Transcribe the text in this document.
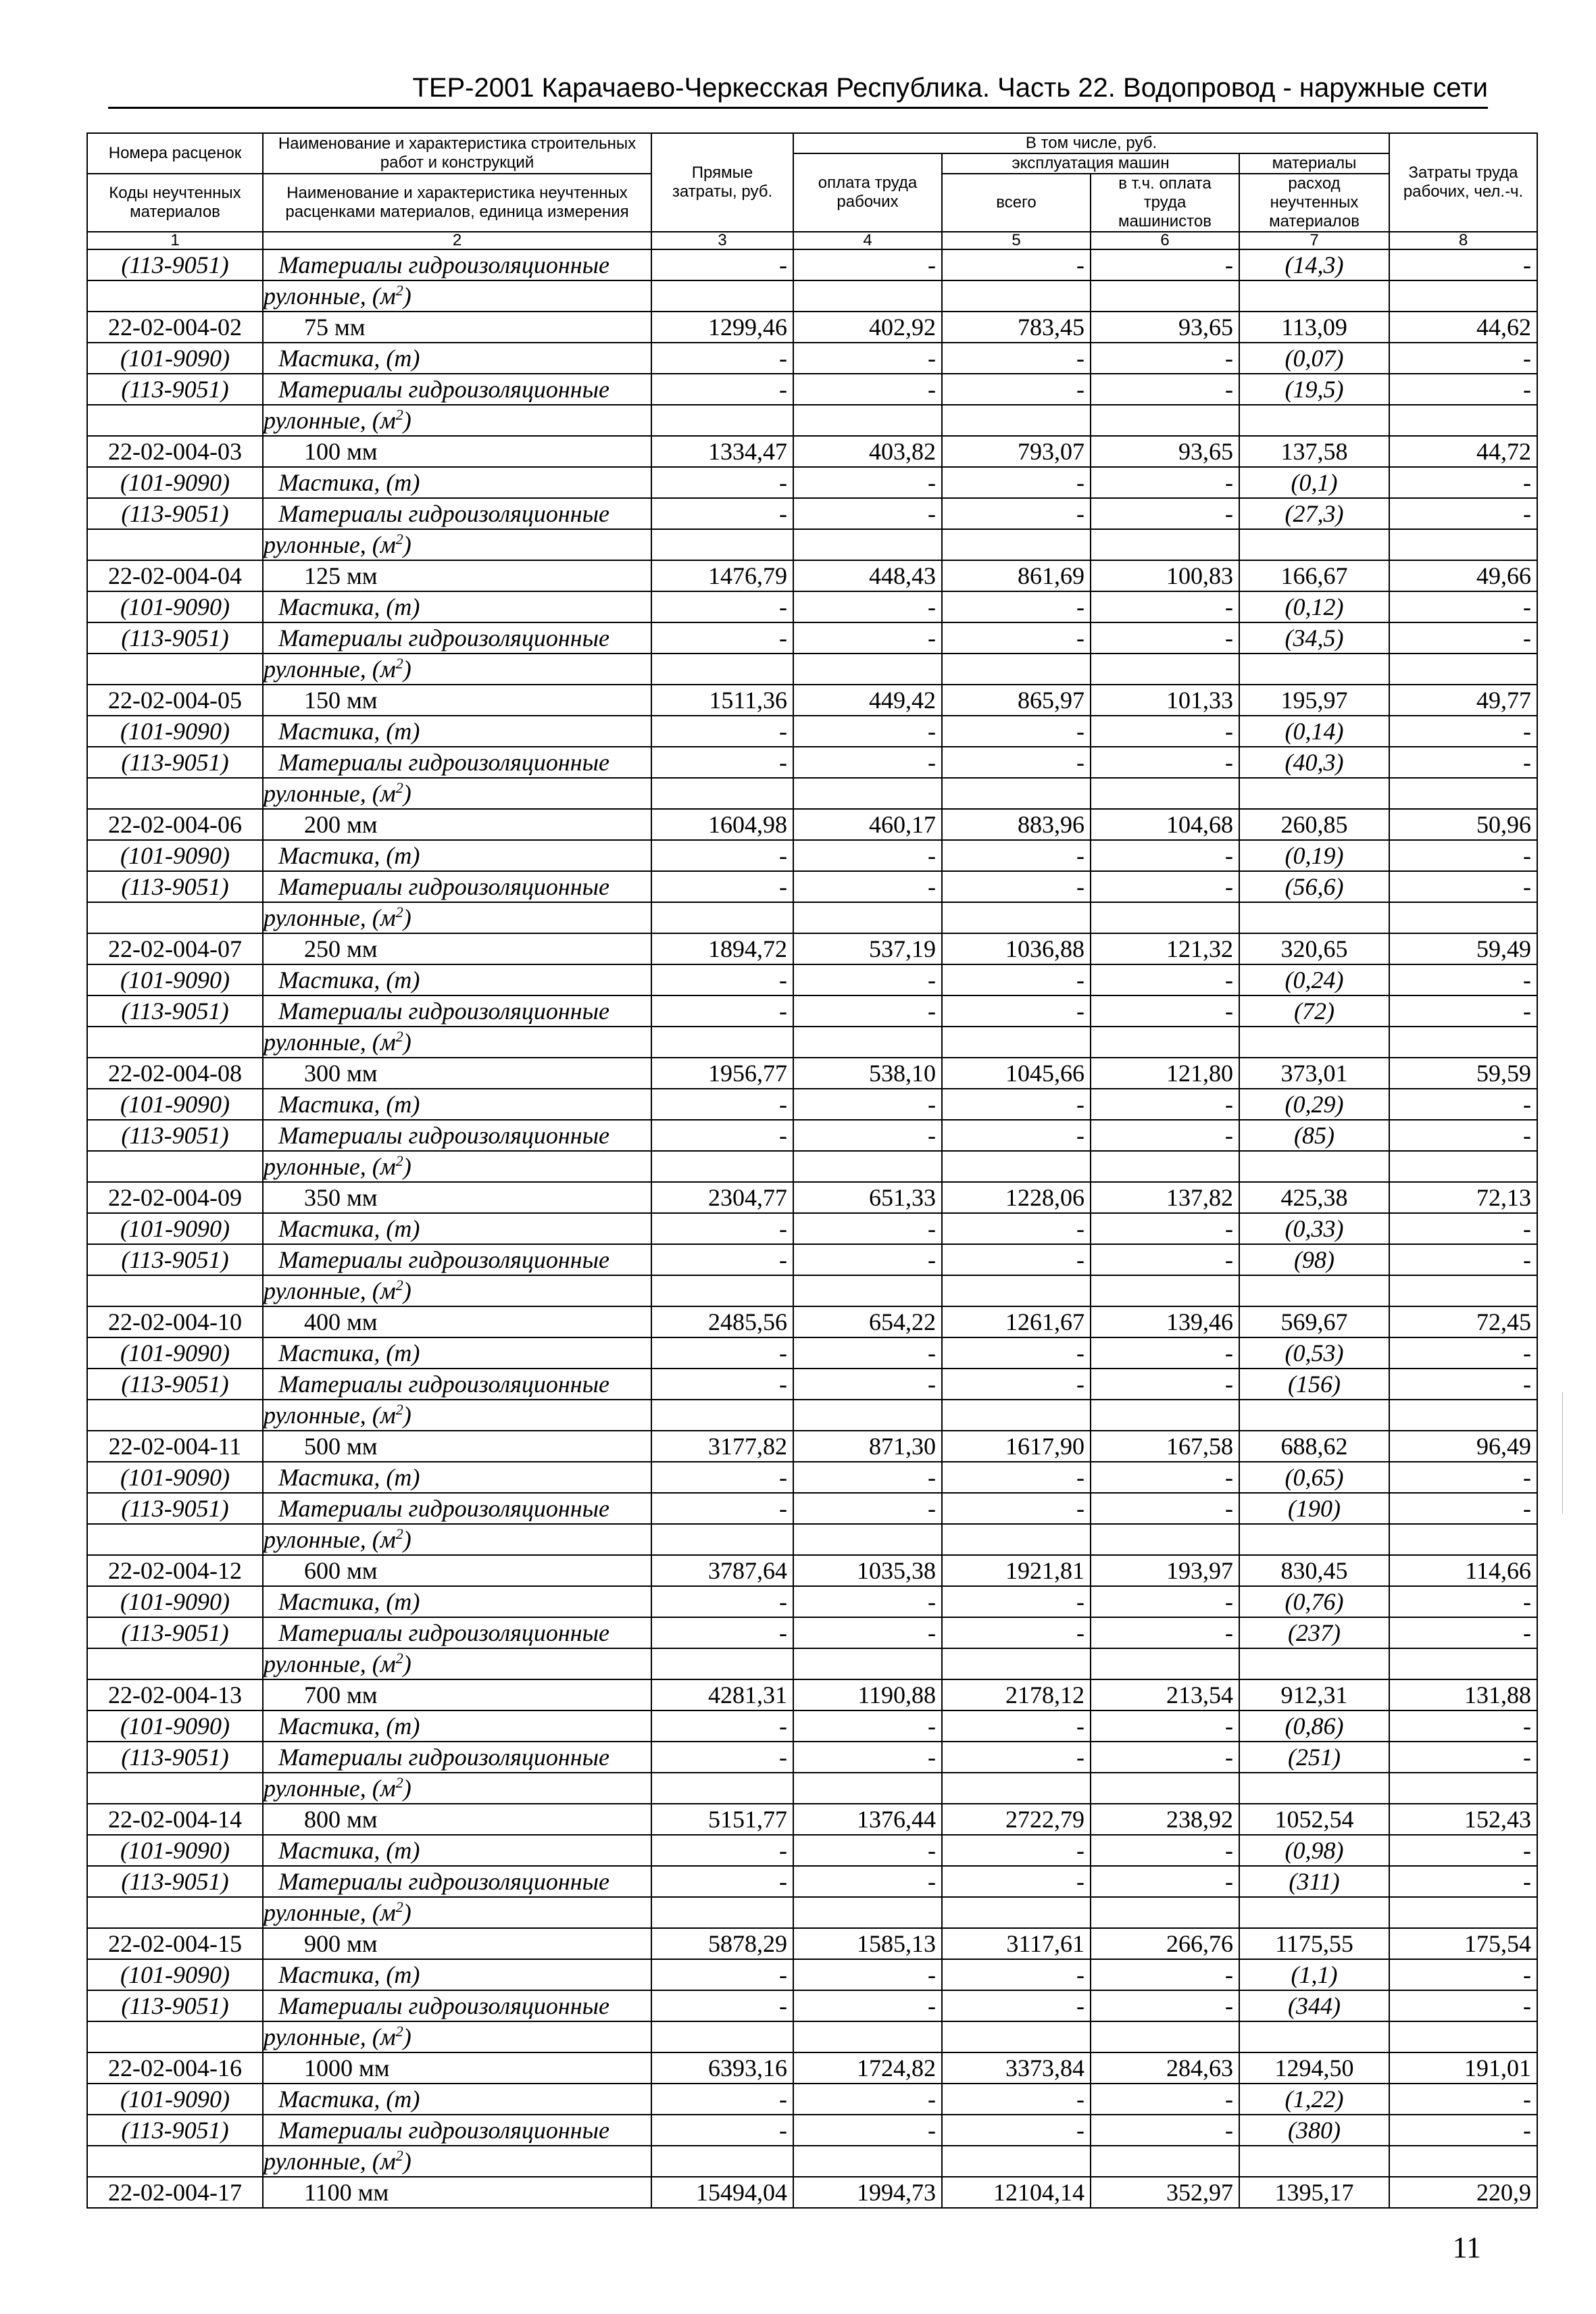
ТЕР-2001 Карачаево-Черкесская Республика. Часть 22. Водопровод - наружные сети
Номера расценок	Наименование и характеристика строительных работ и конструкций	Прямые затраты, руб.	В том числе, руб.				Затраты труда рабочих, чел.-ч.
			оплата труда рабочих	эксплуатация машин		материалы	
Коды неучтенных материалов	Наименование и характеристика неучтенных расценками материалов, единица измерения			всего	в т.ч. оплата труда машинистов	расход неучтенных материалов	

1	2	3	4	5	6	7	8
(113-9051)	Материалы гидроизоляционные	-	-	-	-	(14,3)	-
	рулонные, $(м^2)$						
22-02-004-02	75 мм	1299,46	402,92	783,45	93,65	113,09	44,62
(101-9090)	Мастика, (т)	-	-	-	-	(0,07)	-
(113-9051)	Материалы гидроизоляционные	-	-	-	-	(19,5)	-
	рулонные, $(м^2)$						
22-02-004-03	100 мм	1334,47	403,82	793,07	93,65	137,58	44,72
(101-9090)	Мастика, (т)	-	-	-	-	(0,1)	-
(113-9051)	Материалы гидроизоляционные	-	-	-	-	(27,3)	-
	рулонные, $(м^2)$						
22-02-004-04	125 мм	1476,79	448,43	861,69	100,83	166,67	49,66
(101-9090)	Мастика, (т)	-	-	-	-	(0,12)	-
(113-9051)	Материалы гидроизоляционные	-	-	-	-	(34,5)	-
	рулонные, $(м^2)$						
22-02-004-05	150 мм	1511,36	449,42	865,97	101,33	195,97	49,77
(101-9090)	Мастика, (т)	-	-	-	-	(0,14)	-
(113-9051)	Материалы гидроизоляционные	-	-	-	-	(40,3)	-
	рулонные, $(м^2)$						
22-02-004-06	200 мм	1604,98	460,17	883,96	104,68	260,85	50,96
(101-9090)	Мастика, (т)	-	-	-	-	(0,19)	-
(113-9051)	Материалы гидроизоляционные	-	-	-	-	(56,6)	-
	рулонные, $(м^2)$						
22-02-004-07	250 мм	1894,72	537,19	1036,88	121,32	320,65	59,49
(101-9090)	Мастика, (т)	-	-	-	-	(0,24)	-
(113-9051)	Материалы гидроизоляционные	-	-	-	-	(72)	-
	рулонные, $(м^2)$						
22-02-004-08	300 мм	1956,77	538,10	1045,66	121,80	373,01	59,59
(101-9090)	Мастика, (т)	-	-	-	-	(0,29)	-
(113-9051)	Материалы гидроизоляционные	-	-	-	-	(85)	-
	рулонные, $(м^2)$						
22-02-004-09	350 мм	2304,77	651,33	1228,06	137,82	425,38	72,13
(101-9090)	Мастика, (т)	-	-	-	-	(0,33)	-
(113-9051)	Материалы гидроизоляционные	-	-	-	-	(98)	-
	рулонные, $(м^2)$						
22-02-004-10	400 мм	2485,56	654,22	1261,67	139,46	569,67	72,45
(101-9090)	Мастика, (т)	-	-	-	-	(0,53)	-
(113-9051)	Материалы гидроизоляционные	-	-	-	-	(156)	-
	рулонные, $(м^2)$						
22-02-004-11	500 мм	3177,82	871,30	1617,90	167,58	688,62	96,49
(101-9090)	Мастика, (т)	-	-	-	-	(0,65)	-
(113-9051)	Материалы гидроизоляционные	-	-	-	-	(190)	-
	рулонные, $(м^2)$						
22-02-004-12	600 мм	3787,64	1035,38	1921,81	193,97	830,45	114,66
(101-9090)	Мастика, (т)	-	-	-	-	(0,76)	-
(113-9051)	Материалы гидроизоляционные	-	-	-	-	(237)	-
	рулонные, $(м^2)$						
22-02-004-13	700 мм	4281,31	1190,88	2178,12	213,54	912,31	131,88
(101-9090)	Мастика, (т)	-	-	-	-	(0,86)	-
(113-9051)	Материалы гидроизоляционные	-	-	-	-	(251)	-
	рулонные, $(м^2)$						
22-02-004-14	800 мм	5151,77	1376,44	2722,79	238,92	1052,54	152,43
(101-9090)	Мастика, (т)	-	-	-	-	(0,98)	-
(113-9051)	Материалы гидроизоляционные	-	-	-	-	(311)	-
	рулонные, $(м^2)$						
22-02-004-15	900 мм	5878,29	1585,13	3117,61	266,76	1175,55	175,54
(101-9090)	Мастика, (т)	-	-	-	-	(1,1)	-
(113-9051)	Материалы гидроизоляционные	-	-	-	-	(344)	-
	рулонные, $(м^2)$						
22-02-004-16	1000 мм	6393,16	1724,82	3373,84	284,63	1294,50	191,01
(101-9090)	Мастика, (т)	-	-	-	-	(1,22)	-
(113-9051)	Материалы гидроизоляционные	-	-	-	-	(380)	-
	рулонные, $(м^2)$						
22-02-004-17	1100 мм	15494,04	1994,73	12104,14	352,97	1395,17	220,9
11
